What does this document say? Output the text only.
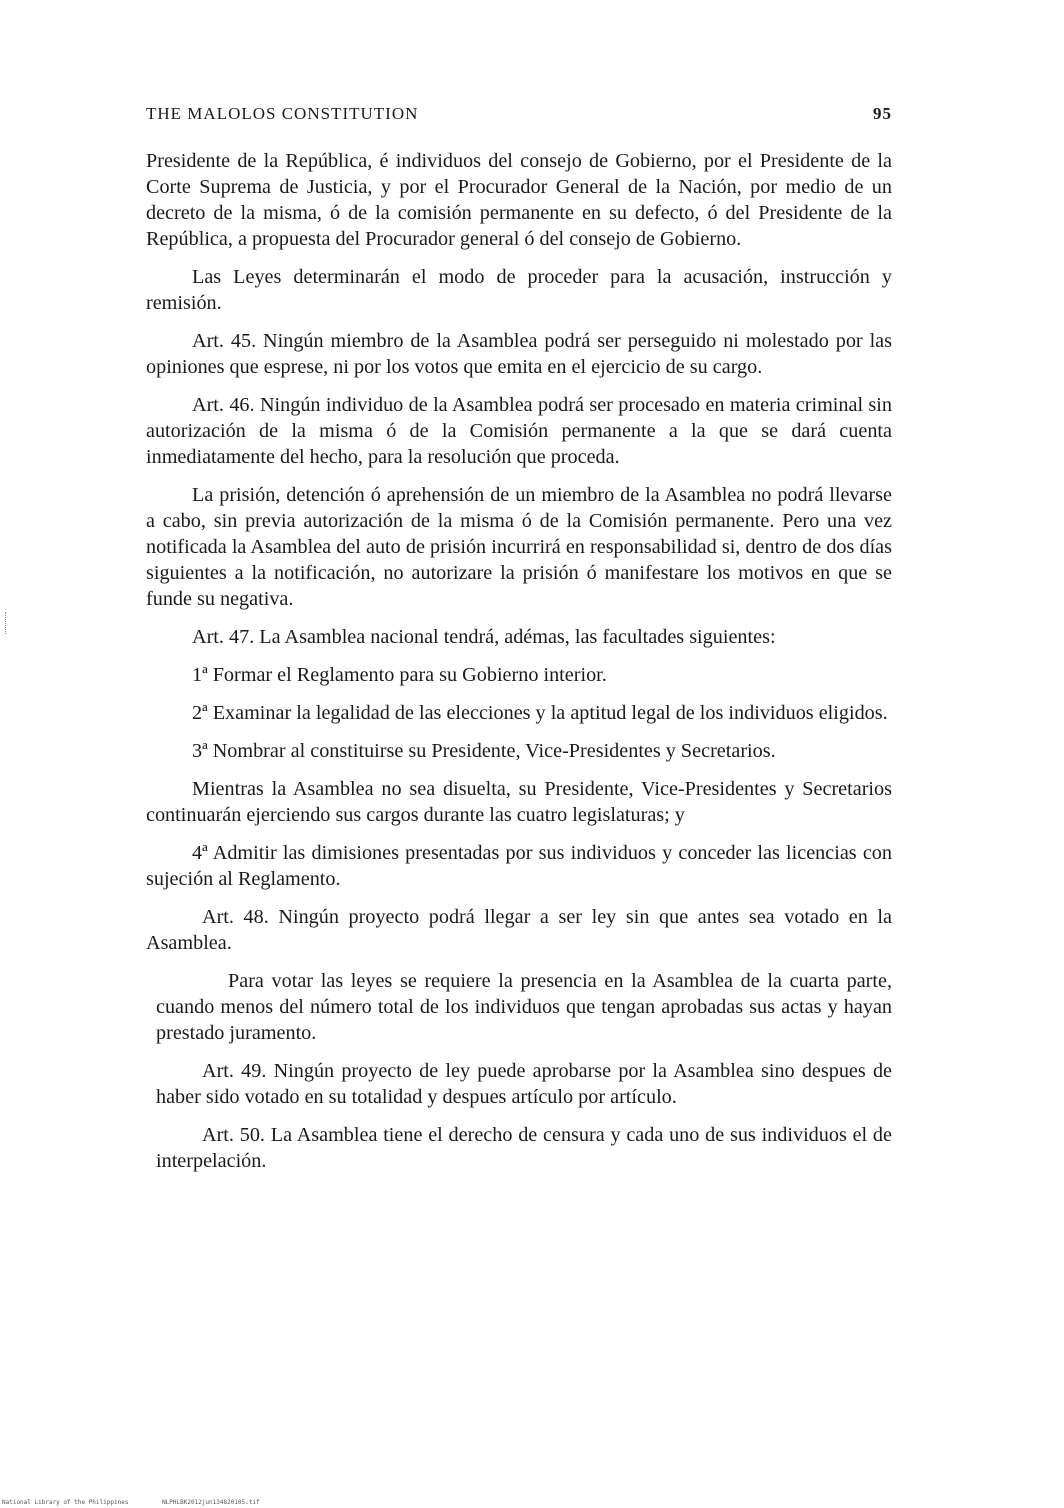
THE MALOLOS CONSTITUTION	95

Presidente de la República, é individuos del consejo de Gobierno, por el Presidente de la Corte Suprema de Justicia, y por el Procurador General de la Nación, por medio de un decreto de la misma, ó de la comisión permanente en su defecto, ó del Presidente de la República, a propuesta del Procurador general ó del consejo de Gobierno.

Las Leyes determinarán el modo de proceder para la acusación, instrucción y remisión.

Art. 45. Ningún miembro de la Asamblea podrá ser perseguido ni molestado por las opiniones que esprese, ni por los votos que emita en el ejercicio de su cargo.

Art. 46. Ningún individuo de la Asamblea podrá ser procesado en materia criminal sin autorización de la misma ó de la Comisión permanente a la que se dará cuenta inmediatamente del hecho, para la resolución que proceda.

La prisión, detención ó aprehensión de un miembro de la Asamblea no podrá llevarse a cabo, sin previa autorización de la misma ó de la Comisión permanente. Pero una vez notificada la Asamblea del auto de prisión incurrirá en responsabilidad si, dentro de dos días siguientes a la notificación, no autorizare la prisión ó manifestare los motivos en que se funde su negativa.

Art. 47. La Asamblea nacional tendrá, adémas, las facultades siguientes:

1ª Formar el Reglamento para su Gobierno interior.

2ª Examinar la legalidad de las elecciones y la aptitud legal de los individuos eligidos.

3ª Nombrar al constituirse su Presidente, Vice-Presidentes y Secretarios.

Mientras la Asamblea no sea disuelta, su Presidente, Vice-Presidentes y Secretarios continuarán ejerciendo sus cargos durante las cuatro legislaturas; y

4ª Admitir las dimisiones presentadas por sus individuos y conceder las licencias con sujeción al Reglamento.

Art. 48. Ningún proyecto podrá llegar a ser ley sin que antes sea votado en la Asamblea.

Para votar las leyes se requiere la presencia en la Asamblea de la cuarta parte, cuando menos del número total de los individuos que tengan aprobadas sus actas y hayan prestado juramento.

Art. 49. Ningún proyecto de ley puede aprobarse por la Asamblea sino despues de haber sido votado en su totalidad y despues artículo por artículo.

Art. 50. La Asamblea tiene el derecho de censura y cada uno de sus individuos el de interpelación.

National Library of the Philippines	NLPHLBK2012jun134820105.tif
